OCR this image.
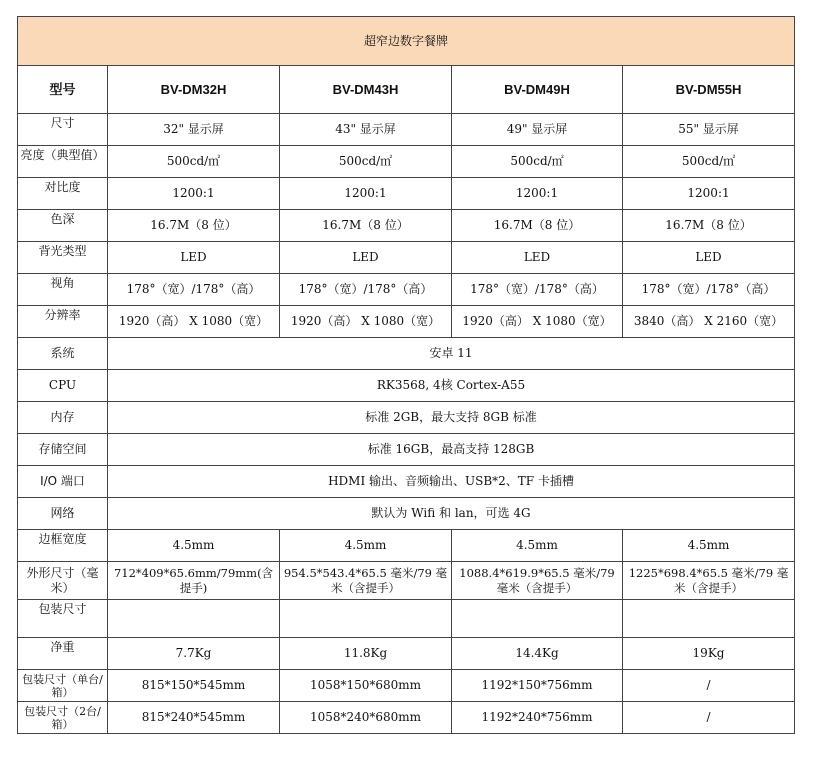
超窄边数字餐牌				
型号	BV-DM32H	BV-DM43H	BV-DM49H	BV-DM55H
尺寸	32" 显示屏	43" 显示屏	49" 显示屏	55" 显示屏
亮度（典型值）	500cd/㎡	500cd/㎡	500cd/㎡	500cd/㎡
对比度	1200:1	1200:1	1200:1	1200:1
色深	16.7M（8 位）	16.7M（8 位）	16.7M（8 位）	16.7M（8 位）
背光类型	LED	LED	LED	LED
视角	178°（宽）/178°（高）	178°（宽）/178°（高）	178°（宽）/178°（高）	178°（宽）/178°（高）
分辨率	1920（高） X 1080（宽）	1920（高） X 1080（宽）	1920（高） X 1080（宽）	3840（高） X 2160（宽）
系统	安卓 11			
CPU	RK3568, 4核 Cortex-A55			
内存	标准 2GB，最大支持 8GB 标准			
存储空间	标准 16GB，最高支持 128GB			
I/O 端口	HDMI 输出、音频输出、USB*2、TF 卡插槽			
网络	默认为 Wifi 和 lan，可选 4G			
边框宽度	4.5mm	4.5mm	4.5mm	4.5mm
外形尺寸（毫米）	712*409*65.6mm/79mm(含提手)	954.5*543.4*65.5 毫米/79 毫米（含提手）	1088.4*619.9*65.5 毫米/79 毫米（含提手）	1225*698.4*65.5 毫米/79 毫米（含提手）
包装尺寸				
净重	7.7Kg	11.8Kg	14.4Kg	19Kg
包装尺寸（单台/ 箱）	815*150*545mm	1058*150*680mm	1192*150*756mm	/
包装尺寸（2台/ 箱）	815*240*545mm	1058*240*680mm	1192*240*756mm	/
